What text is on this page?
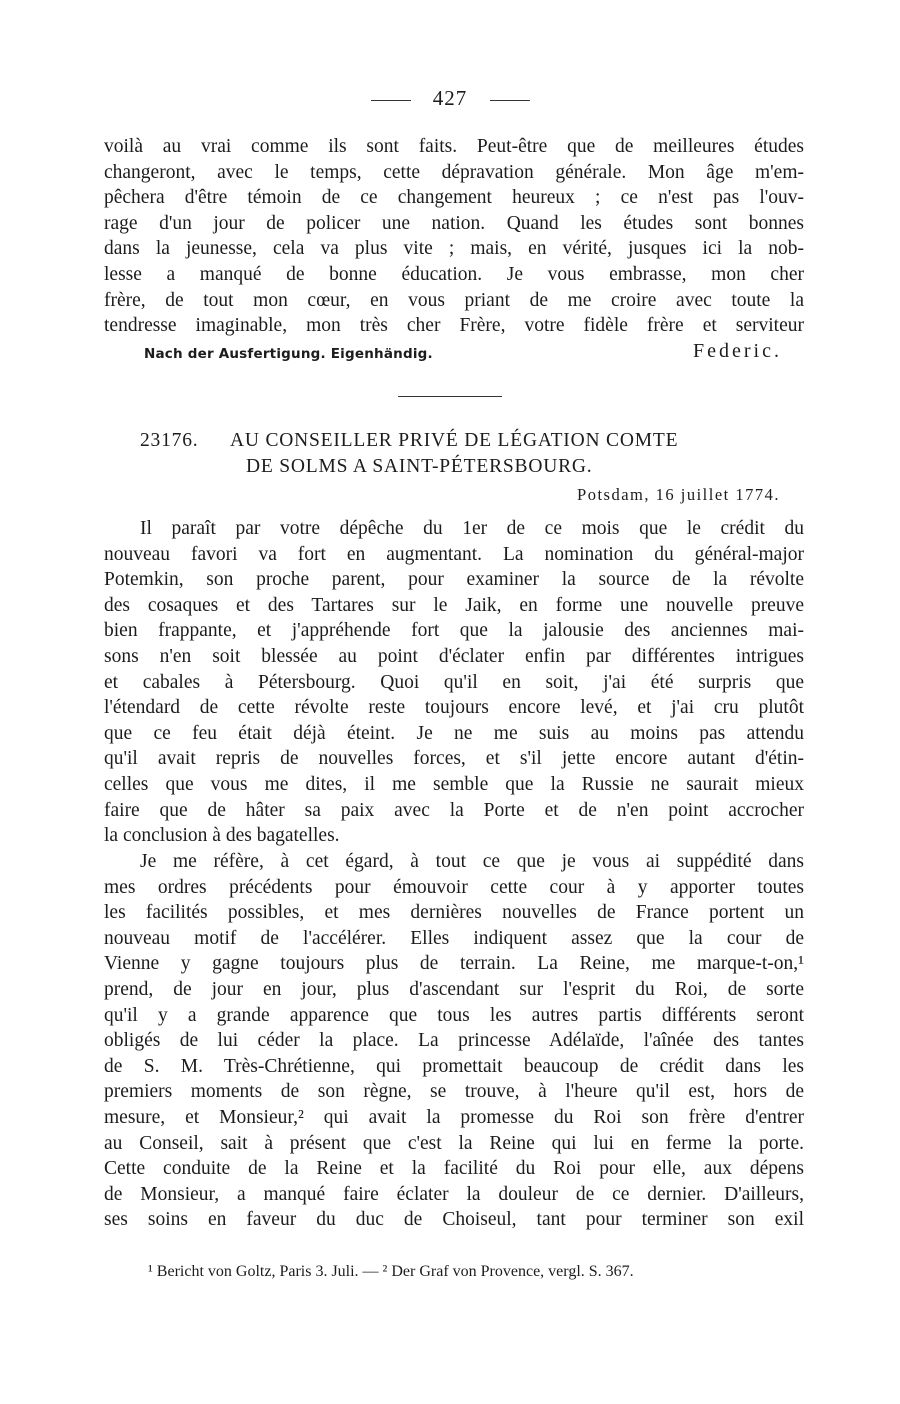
427
voilà au vrai comme ils sont faits. Peut-être que de meilleures études
changeront, avec le temps, cette dépravation générale. Mon âge m'em-
pêchera d'être témoin de ce changement heureux ; ce n'est pas l'ouv-
rage d'un jour de policer une nation. Quand les études sont bonnes
dans la jeunesse, cela va plus vite ; mais, en vérité, jusques ici la nob-
lesse a manqué de bonne éducation. Je vous embrasse, mon cher
frère, de tout mon cœur, en vous priant de me croire avec toute la
tendresse imaginable, mon très cher Frère, votre fidèle frère et serviteur
Nach der Ausfertigung. Eigenhändig.	Federic.
23176. AU CONSEILLER PRIVÉ DE LÉGATION COMTE
DE SOLMS A SAINT-PÉTERSBOURG.
Potsdam, 16 juillet 1774.
Il paraît par votre dépêche du 1er de ce mois que le crédit du
nouveau favori va fort en augmentant. La nomination du général-major
Potemkin, son proche parent, pour examiner la source de la révolte
des cosaques et des Tartares sur le Jaik, en forme une nouvelle preuve
bien frappante, et j'appréhende fort que la jalousie des anciennes mai-
sons n'en soit blessée au point d'éclater enfin par différentes intrigues
et cabales à Pétersbourg. Quoi qu'il en soit, j'ai été surpris que
l'étendard de cette révolte reste toujours encore levé, et j'ai cru plutôt
que ce feu était déjà éteint. Je ne me suis au moins pas attendu
qu'il avait repris de nouvelles forces, et s'il jette encore autant d'étin-
celles que vous me dites, il me semble que la Russie ne saurait mieux
faire que de hâter sa paix avec la Porte et de n'en point accrocher
la conclusion à des bagatelles.
Je me réfère, à cet égard, à tout ce que je vous ai suppédité dans
mes ordres précédents pour émouvoir cette cour à y apporter toutes
les facilités possibles, et mes dernières nouvelles de France portent un
nouveau motif de l'accélérer. Elles indiquent assez que la cour de
Vienne y gagne toujours plus de terrain. La Reine, me marque-t-on,¹
prend, de jour en jour, plus d'ascendant sur l'esprit du Roi, de sorte
qu'il y a grande apparence que tous les autres partis différents seront
obligés de lui céder la place. La princesse Adélaïde, l'aînée des tantes
de S. M. Très-Chrétienne, qui promettait beaucoup de crédit dans les
premiers moments de son règne, se trouve, à l'heure qu'il est, hors de
mesure, et Monsieur,² qui avait la promesse du Roi son frère d'entrer
au Conseil, sait à présent que c'est la Reine qui lui en ferme la porte.
Cette conduite de la Reine et la facilité du Roi pour elle, aux dépens
de Monsieur, a manqué faire éclater la douleur de ce dernier. D'ailleurs,
ses soins en faveur du duc de Choiseul, tant pour terminer son exil
¹ Bericht von Goltz, Paris 3. Juli. — ² Der Graf von Provence, vergl. S. 367.
